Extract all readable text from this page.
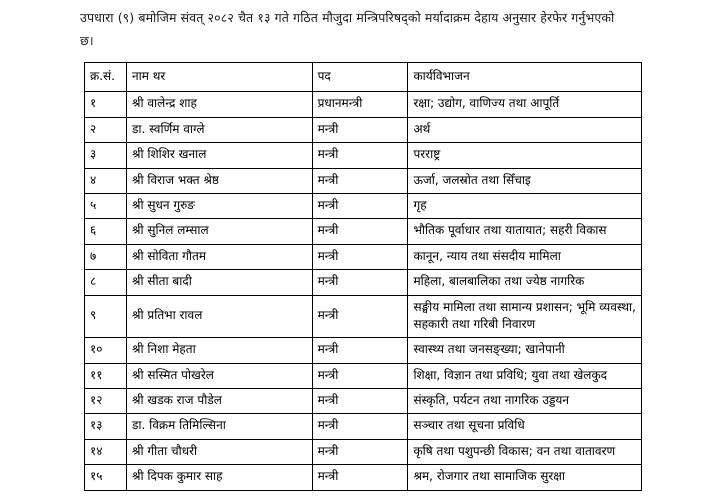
उपधारा (९) बमोजिम संवत् २०८२ चैत १३ गते गठित मौजुदा मन्त्रिपरिषद्को मर्यादाक्रम देहाय अनुसार हेरफेर गर्नुभएको
छ।
क्र.सं.	नाम थर	पद	कार्यविभाजन
१	श्री वालेन्द्र शाह	प्रधानमन्त्री	रक्षा; उद्योग, वाणिज्य तथा आपूर्ति
२	डा. स्वर्णिम वाग्ले	मन्त्री	अर्थ
३	श्री शिशिर खनाल	मन्त्री	परराष्ट्र
४	श्री विराज भक्त श्रेष्ठ	मन्त्री	ऊर्जा, जलस्रोत तथा सिँचाइ
५	श्री सुधन गुरुङ	मन्त्री	गृह
६	श्री सुनिल लम्साल	मन्त्री	भौतिक पूर्वाधार तथा यातायात; सहरी विकास
७	श्री सोविता गौतम	मन्त्री	कानून, न्याय तथा संसदीय मामिला
८	श्री सीता बादी	मन्त्री	महिला, बालबालिका तथा ज्येष्ठ नागरिक
९	श्री प्रतिभा रावल	मन्त्री	सङ्घीय मामिला तथा सामान्य प्रशासन; भूमि व्यवस्था, सहकारी तथा गरिबी निवारण
१०	श्री निशा मेहता	मन्त्री	स्वास्थ्य तथा जनसङ्ख्या; खानेपानी
११	श्री सस्मित पोखरेल	मन्त्री	शिक्षा, विज्ञान तथा प्रविधि; युवा तथा खेलकुद
१२	श्री खडक राज पौडेल	मन्त्री	संस्कृति, पर्यटन तथा नागरिक उड्डयन
१३	डा. विक्रम तिमिल्सिना	मन्त्री	सञ्चार तथा सूचना प्रविधि
१४	श्री गीता चौधरी	मन्त्री	कृषि तथा पशुपन्छी विकास; वन तथा वातावरण
१५	श्री दिपक कुमार साह	मन्त्री	श्रम, रोजगार तथा सामाजिक सुरक्षा
